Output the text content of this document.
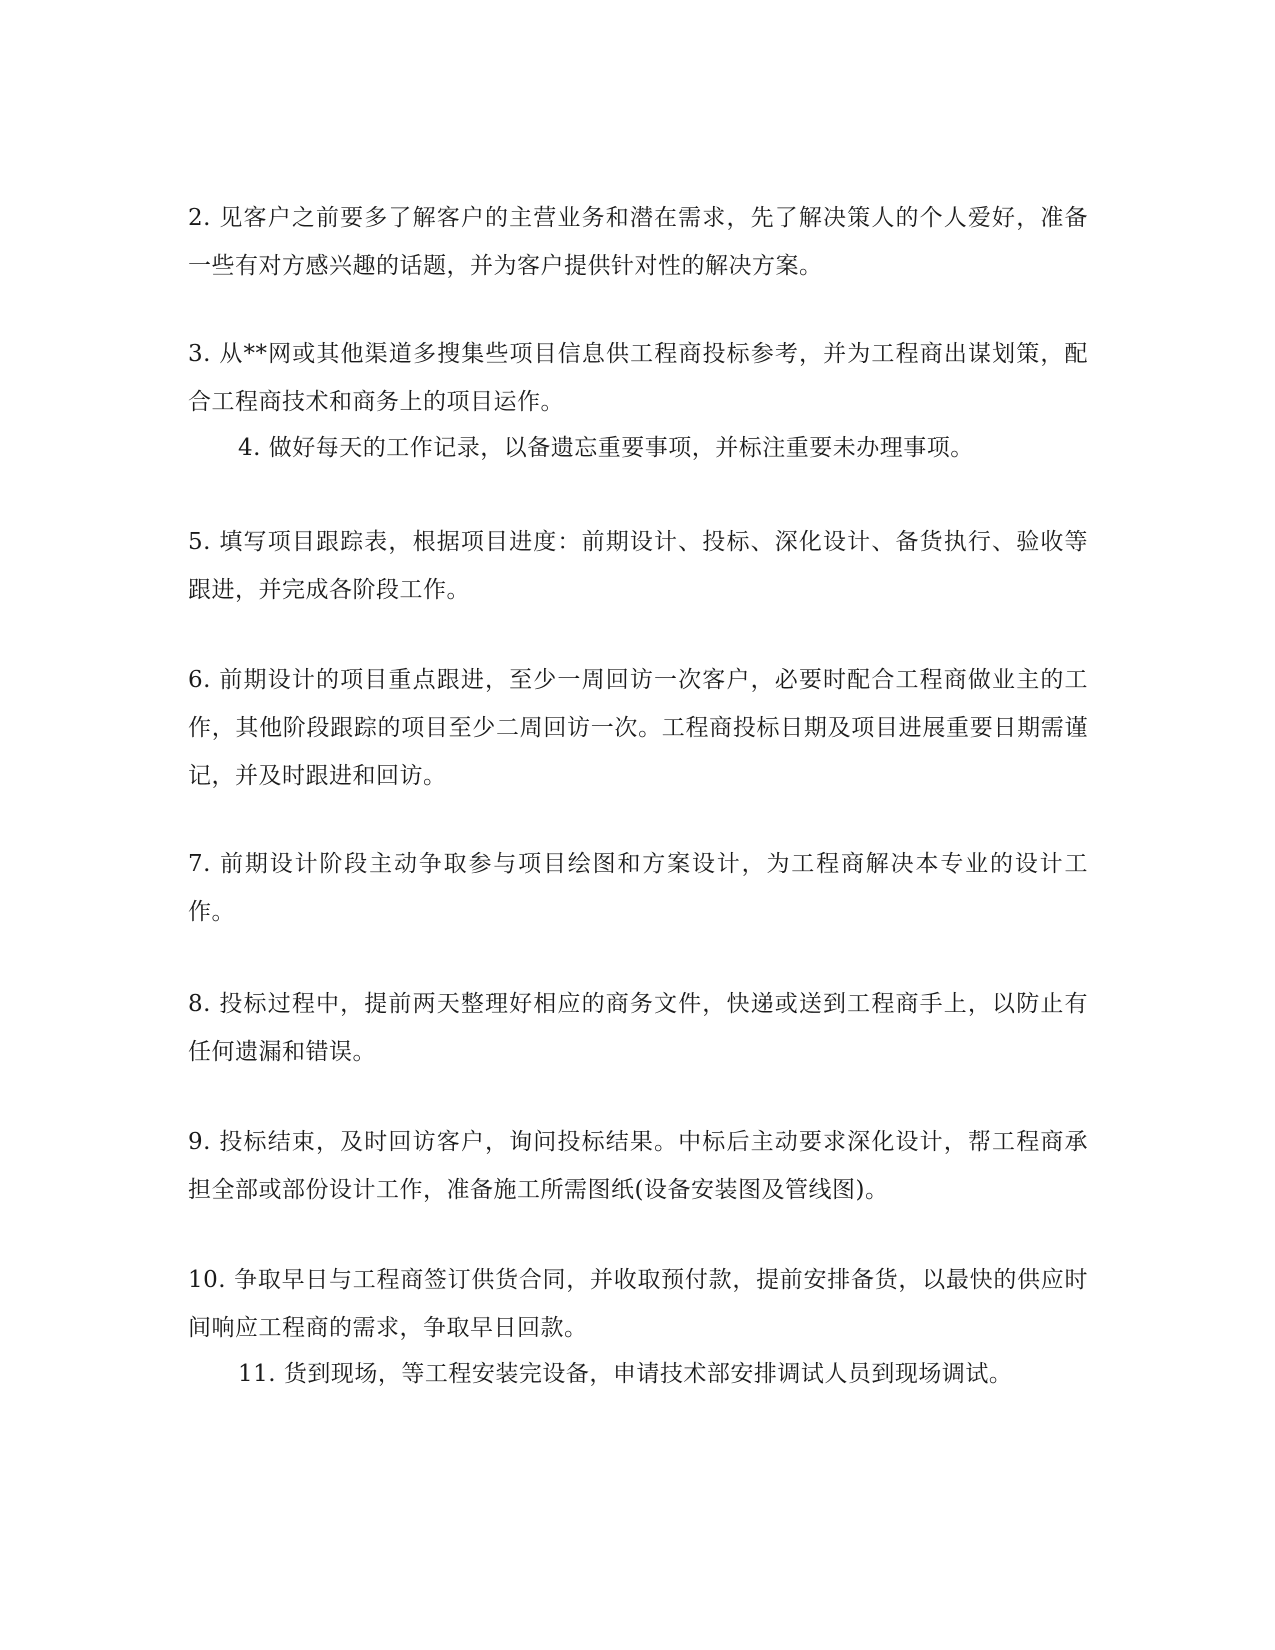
2. 见客户之前要多了解客户的主营业务和潜在需求，先了解决策人的个人爱好，准备一些有对方感兴趣的话题，并为客户提供针对性的解决方案。

3. 从**网或其他渠道多搜集些项目信息供工程商投标参考，并为工程商出谋划策，配合工程商技术和商务上的项目运作。

4. 做好每天的工作记录，以备遗忘重要事项，并标注重要未办理事项。

5. 填写项目跟踪表，根据项目进度：前期设计、投标、深化设计、备货执行、验收等跟进，并完成各阶段工作。

6. 前期设计的项目重点跟进，至少一周回访一次客户，必要时配合工程商做业主的工作，其他阶段跟踪的项目至少二周回访一次。工程商投标日期及项目进展重要日期需谨记，并及时跟进和回访。

7. 前期设计阶段主动争取参与项目绘图和方案设计，为工程商解决本专业的设计工作。

8. 投标过程中，提前两天整理好相应的商务文件，快递或送到工程商手上，以防止有任何遗漏和错误。

9. 投标结束，及时回访客户，询问投标结果。中标后主动要求深化设计，帮工程商承担全部或部份设计工作，准备施工所需图纸(设备安装图及管线图)。

10. 争取早日与工程商签订供货合同，并收取预付款，提前安排备货，以最快的供应时间响应工程商的需求，争取早日回款。

11. 货到现场，等工程安装完设备，申请技术部安排调试人员到现场调试。
